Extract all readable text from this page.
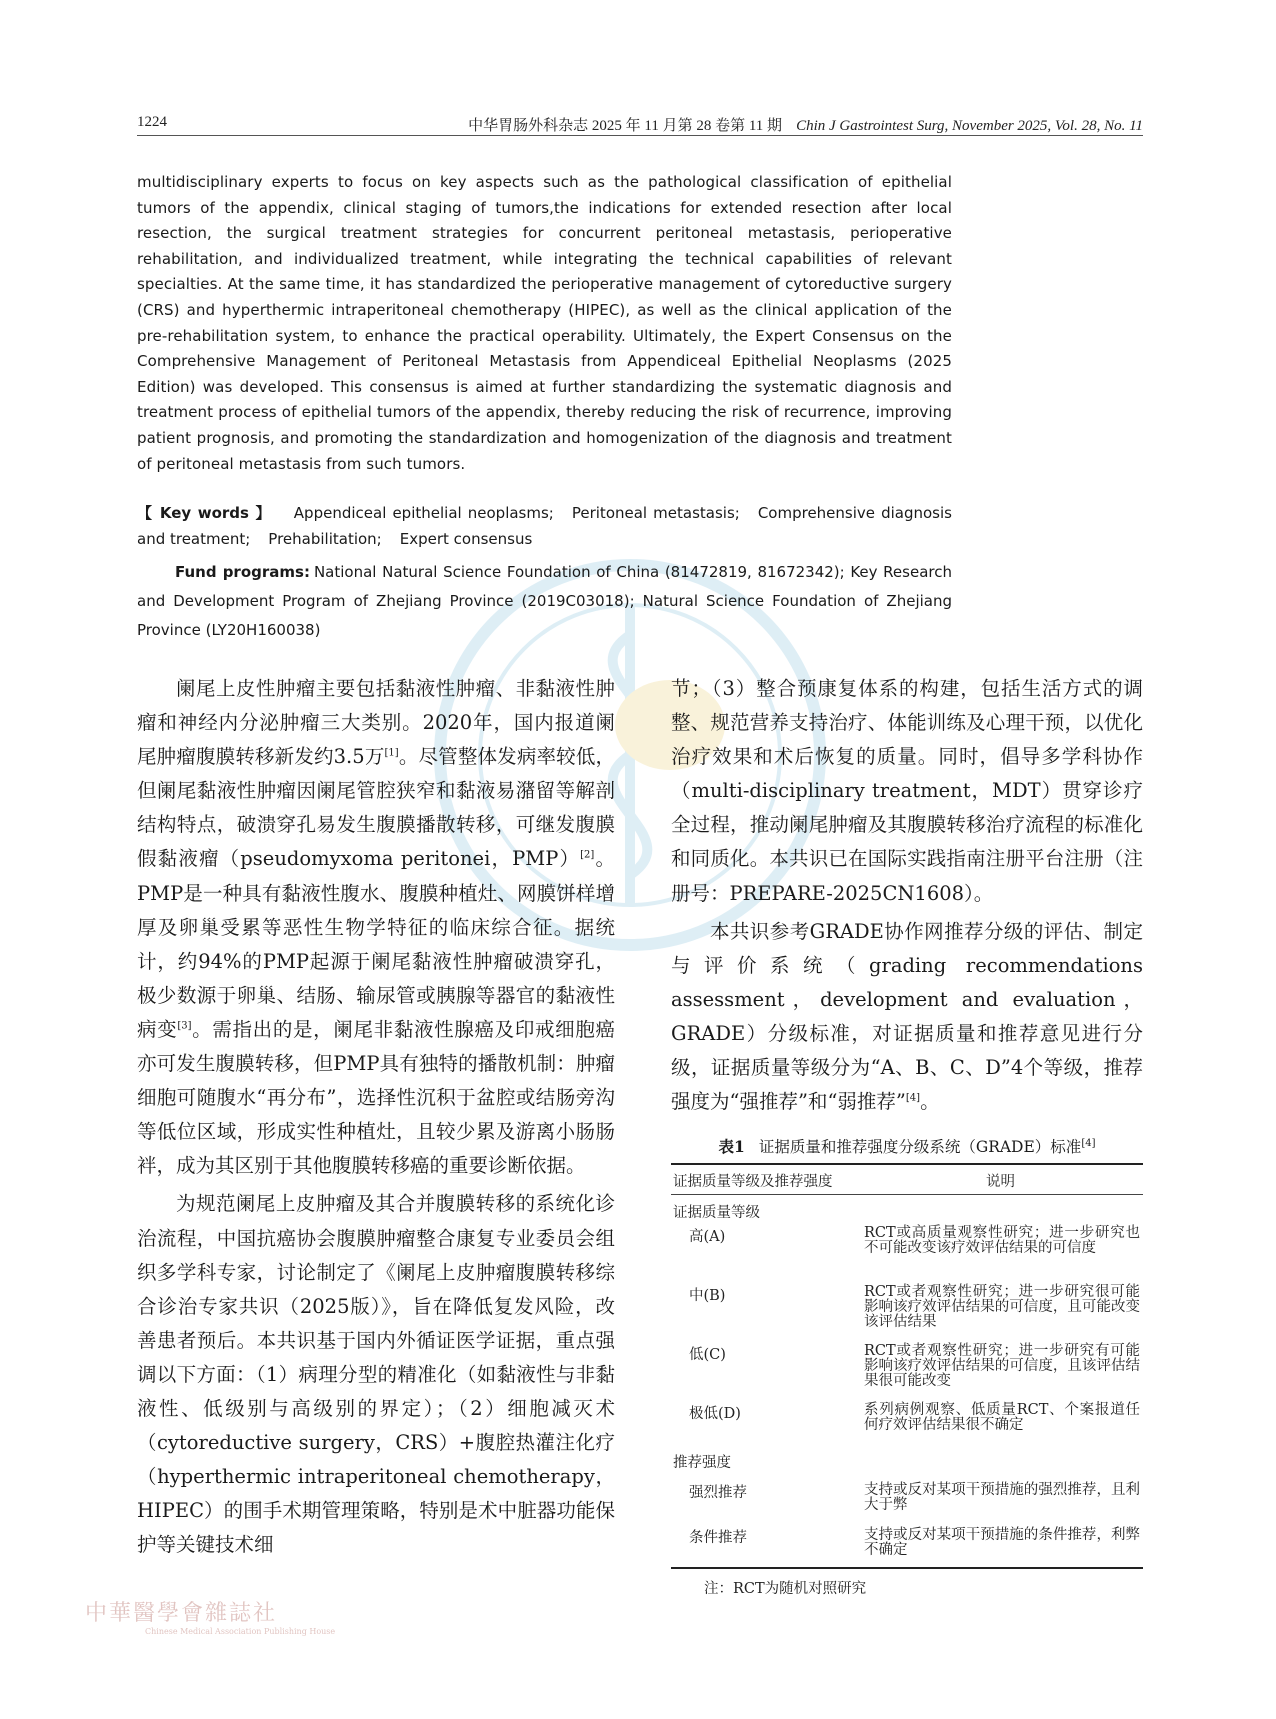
中華醫學會雜誌社
Chinese Medical Association Publishing House
1224	中华胃肠外科杂志 2025 年 11 月第 28 卷第 11 期 Chin J Gastrointest Surg, November 2025, Vol. 28, No. 11
multidisciplinary experts to focus on key aspects such as the pathological classification of epithelial tumors of the appendix, clinical staging of tumors,the indications for extended resection after local resection, the surgical treatment strategies for concurrent peritoneal metastasis, perioperative rehabilitation, and individualized treatment, while integrating the technical capabilities of relevant specialties. At the same time, it has standardized the perioperative management of cytoreductive surgery (CRS) and hyperthermic intraperitoneal chemotherapy (HIPEC), as well as the clinical application of the pre-rehabilitation system, to enhance the practical operability. Ultimately, the Expert Consensus on the Comprehensive Management of Peritoneal Metastasis from Appendiceal Epithelial Neoplasms (2025 Edition) was developed. This consensus is aimed at further standardizing the systematic diagnosis and treatment process of epithelial tumors of the appendix, thereby reducing the risk of recurrence, improving patient prognosis, and promoting the standardization and homogenization of the diagnosis and treatment of peritoneal metastasis from such tumors.
【 Key words 】 Appendiceal epithelial neoplasms; Peritoneal metastasis; Comprehensive diagnosis and treatment; Prehabilitation; Expert consensus
Fund programs: National Natural Science Foundation of China (81472819, 81672342); Key Research and Development Program of Zhejiang Province (2019C03018); Natural Science Foundation of Zhejiang Province (LY20H160038)

阑尾上皮性肿瘤主要包括黏液性肿瘤、非黏液性肿瘤和神经内分泌肿瘤三大类别。2020年，国内报道阑尾肿瘤腹膜转移新发约3.5万[1]。尽管整体发病率较低，但阑尾黏液性肿瘤因阑尾管腔狭窄和黏液易潴留等解剖结构特点，破溃穿孔易发生腹膜播散转移，可继发腹膜假黏液瘤（pseudomyxoma peritonei，PMP）[2]。PMP是一种具有黏液性腹水、腹膜种植灶、网膜饼样增厚及卵巢受累等恶性生物学特征的临床综合征。据统计，约94%的PMP起源于阑尾黏液性肿瘤破溃穿孔，极少数源于卵巢、结肠、输尿管或胰腺等器官的黏液性病变[3]。需指出的是，阑尾非黏液性腺癌及印戒细胞癌亦可发生腹膜转移，但PMP具有独特的播散机制：肿瘤细胞可随腹水“再分布”，选择性沉积于盆腔或结肠旁沟等低位区域，形成实性种植灶，且较少累及游离小肠肠袢，成为其区别于其他腹膜转移癌的重要诊断依据。

为规范阑尾上皮肿瘤及其合并腹膜转移的系统化诊治流程，中国抗癌协会腹膜肿瘤整合康复专业委员会组织多学科专家，讨论制定了《阑尾上皮肿瘤腹膜转移综合诊治专家共识（2025版）》，旨在降低复发风险，改善患者预后。本共识基于国内外循证医学证据，重点强调以下方面：（1）病理分型的精准化（如黏液性与非黏液性、低级别与高级别的界定）；（2）细胞减灭术（cytoreductive surgery，CRS）+腹腔热灌注化疗（hyperthermic intraperitoneal chemotherapy，HIPEC）的围手术期管理策略，特别是术中脏器功能保护等关键技术细

节；（3）整合预康复体系的构建，包括生活方式的调整、规范营养支持治疗、体能训练及心理干预，以优化治疗效果和术后恢复的质量。同时，倡导多学科协作（multi-disciplinary treatment，MDT）贯穿诊疗全过程，推动阑尾肿瘤及其腹膜转移治疗流程的标准化和同质化。本共识已在国际实践指南注册平台注册（注册号：PREPARE-2025CN1608）。

本共识参考GRADE协作网推荐分级的评估、制定与评价系统（grading recommendations assessment，development and evaluation，GRADE）分级标准，对证据质量和推荐意见进行分级，证据质量等级分为“A、B、C、D”4个等级，推荐强度为“强推荐”和“弱推荐”[4]。

表1 证据质量和推荐强度分级系统（GRADE）标准[4]
证据质量等级及推荐强度	说明
证据质量等级
高(A)	RCT或高质量观察性研究；进一步研究也不可能改变该疗效评估结果的可信度
中(B)	RCT或者观察性研究；进一步研究很可能影响该疗效评估结果的可信度，且可能改变该评估结果
低(C)	RCT或者观察性研究；进一步研究有可能影响该疗效评估结果的可信度，且该评估结果很可能改变
极低(D)	系列病例观察、低质量RCT、个案报道任何疗效评估结果很不确定
推荐强度
强烈推荐	支持或反对某项干预措施的强烈推荐，且利大于弊
条件推荐	支持或反对某项干预措施的条件推荐，利弊不确定
注：RCT为随机对照研究
